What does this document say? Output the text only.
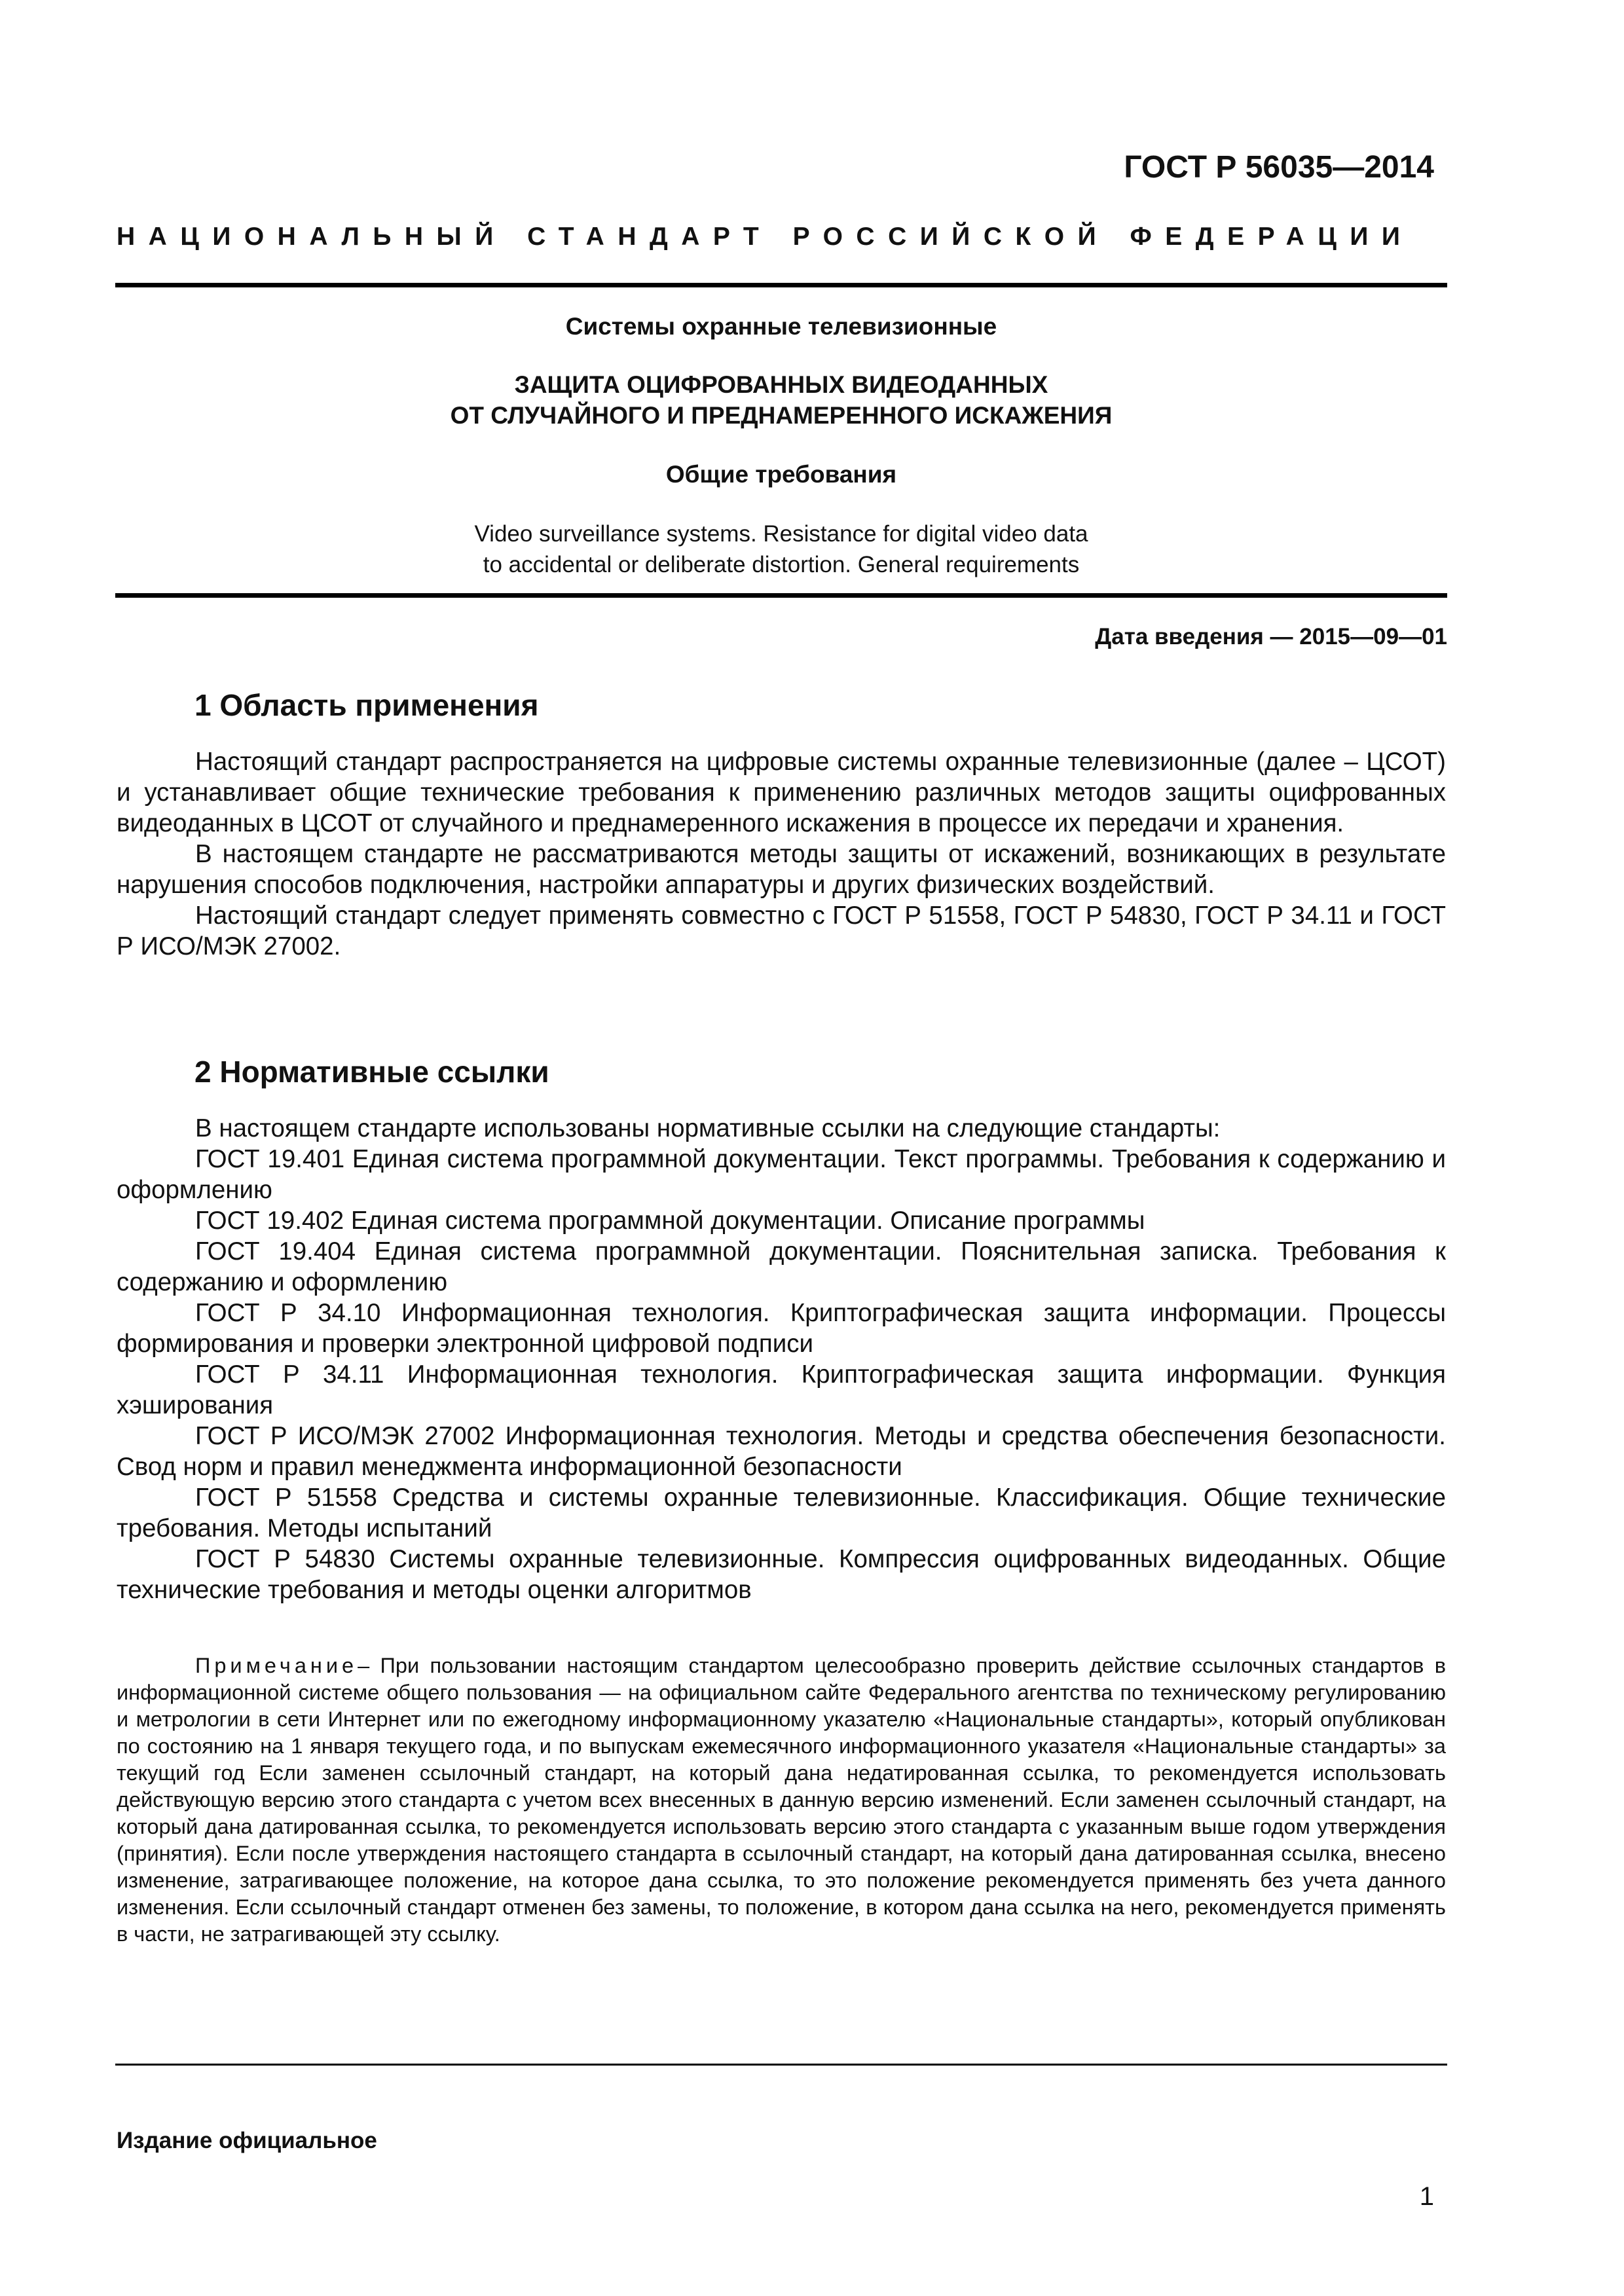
ГОСТ Р 56035—2014
НАЦИОНАЛЬНЫЙ СТАНДАРТ РОССИЙСКОЙ ФЕДЕРАЦИИ
Системы охранные телевизионные
ЗАЩИТА ОЦИФРОВАННЫХ ВИДЕОДАННЫХ
ОТ СЛУЧАЙНОГО И ПРЕДНАМЕРЕННОГО ИСКАЖЕНИЯ
Общие требования
Video surveillance systems. Resistance for digital video data
to accidental or deliberate distortion. General requirements
Дата введения — 2015—09—01
1 Область применения

Настоящий стандарт распространяется на цифровые системы охранные телевизионные (далее – ЦСОТ) и устанавливает общие технические требования к применению различных методов защиты оцифрованных видеоданных в ЦСОТ от случайного и преднамеренного искажения в процессе их передачи и хранения.

В настоящем стандарте не рассматриваются методы защиты от искажений, возникающих в результате нарушения способов подключения, настройки аппаратуры и других физических воздействий.

Настоящий стандарт следует применять совместно с ГОСТ Р 51558, ГОСТ Р 54830, ГОСТ Р 34.11 и ГОСТ Р ИСО/МЭК 27002.

2 Нормативные ссылки

В настоящем стандарте использованы нормативные ссылки на следующие стандарты:

ГОСТ 19.401 Единая система программной документации. Текст программы. Требования к содержанию и оформлению

ГОСТ 19.402 Единая система программной документации. Описание программы

ГОСТ 19.404 Единая система программной документации. Пояснительная записка. Требования к содержанию и оформлению

ГОСТ Р 34.10 Информационная технология. Криптографическая защита информации. Процессы формирования и проверки электронной цифровой подписи

ГОСТ Р 34.11 Информационная технология. Криптографическая защита информации. Функция хэширования

ГОСТ Р ИСО/МЭК 27002 Информационная технология. Методы и средства обеспечения безопасности. Свод норм и правил менеджмента информационной безопасности

ГОСТ Р 51558 Средства и системы охранные телевизионные. Классификация. Общие технические требования. Методы испытаний

ГОСТ Р 54830 Системы охранные телевизионные. Компрессия оцифрованных видеоданных. Общие технические требования и методы оценки алгоритмов

Примечание– При пользовании настоящим стандартом целесообразно проверить действие ссылочных стандартов в информационной системе общего пользования — на официальном сайте Федерального агентства по техническому регулированию и метрологии в сети Интернет или по ежегодному информационному указателю «Национальные стандарты», который опубликован по состоянию на 1 января текущего года, и по выпускам ежемесячного информационного указателя «Национальные стандарты» за текущий год Если заменен ссылочный стандарт, на который дана недатированная ссылка, то рекомендуется использовать действующую версию этого стандарта с учетом всех внесенных в данную версию изменений. Если заменен ссылочный стандарт, на который дана датированная ссылка, то рекомендуется использовать версию этого стандарта с указанным выше годом утверждения (принятия). Если после утверждения настоящего стандарта в ссылочный стандарт, на который дана датированная ссылка, внесено изменение, затрагивающее положение, на которое дана ссылка, то это положение рекомендуется применять без учета данного изменения. Если ссылочный стандарт отменен без замены, то положение, в котором дана ссылка на него, рекомендуется применять в части, не затрагивающей эту ссылку.

Издание официальное
1
